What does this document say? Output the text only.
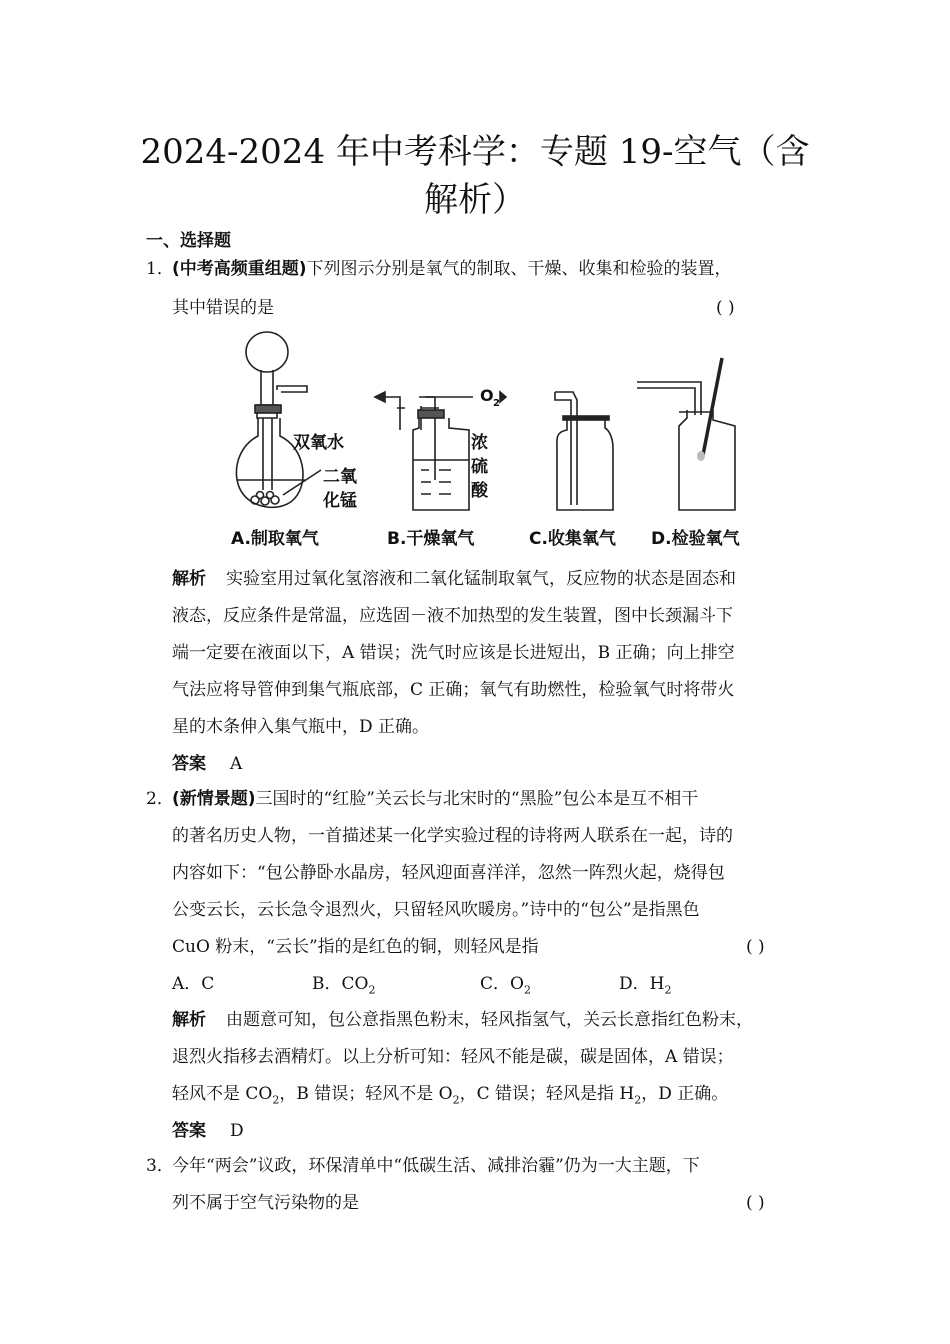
2024-2024 年中考科学：专题 19-空气（含
解析）
一、选择题
1．
(中考高频重组题)下列图示分别是氧气的制取、干燥、收集和检验的装置，
其中错误的是	( )
双氧水
二氧
化锰
O 2
浓
硫
酸
A.制取氧气	B.干燥氧气	C.收集氧气 D.检验氧气
解析 实验室用过氧化氢溶液和二氧化锰制取氧气，反应物的状态是固态和
液态，反应条件是常温，应选固－液不加热型的发生装置，图中长颈漏斗下
端一定要在液面以下，A 错误；洗气时应该是长进短出，B 正确；向上排空
气法应将导管伸到集气瓶底部，C 正确；氧气有助燃性，检验氧气时将带火
星的木条伸入集气瓶中，D 正确。
答案 A
2．
(新情景题)三国时的“红脸”关云长与北宋时的“黑脸”包公本是互不相干
的著名历史人物，一首描述某一化学实验过程的诗将两人联系在一起，诗的
内容如下：“包公静卧水晶房，轻风迎面喜洋洋，忽然一阵烈火起，烧得包
公变云长，云长急令退烈火，只留轻风吹暖房。”诗中的“包公”是指黑色
CuO 粉末，“云长”指的是红色的铜，则轻风是指	( )
A．C	B．$CO_2$	C．$O_2$	D．$H_2$
解析 由题意可知，包公意指黑色粉末，轻风指氢气，关云长意指红色粉末，
退烈火指移去酒精灯。以上分析可知：轻风不能是碳，碳是固体，A 错误；
轻风不是 $CO_2$，B 错误；轻风不是 $O_2$，C 错误；轻风是指 $H_2$，D 正确。
答案 D
3．
今年“两会”议政，环保清单中“低碳生活、减排治霾”仍为一大主题，下
列不属于空气污染物的是	( )
